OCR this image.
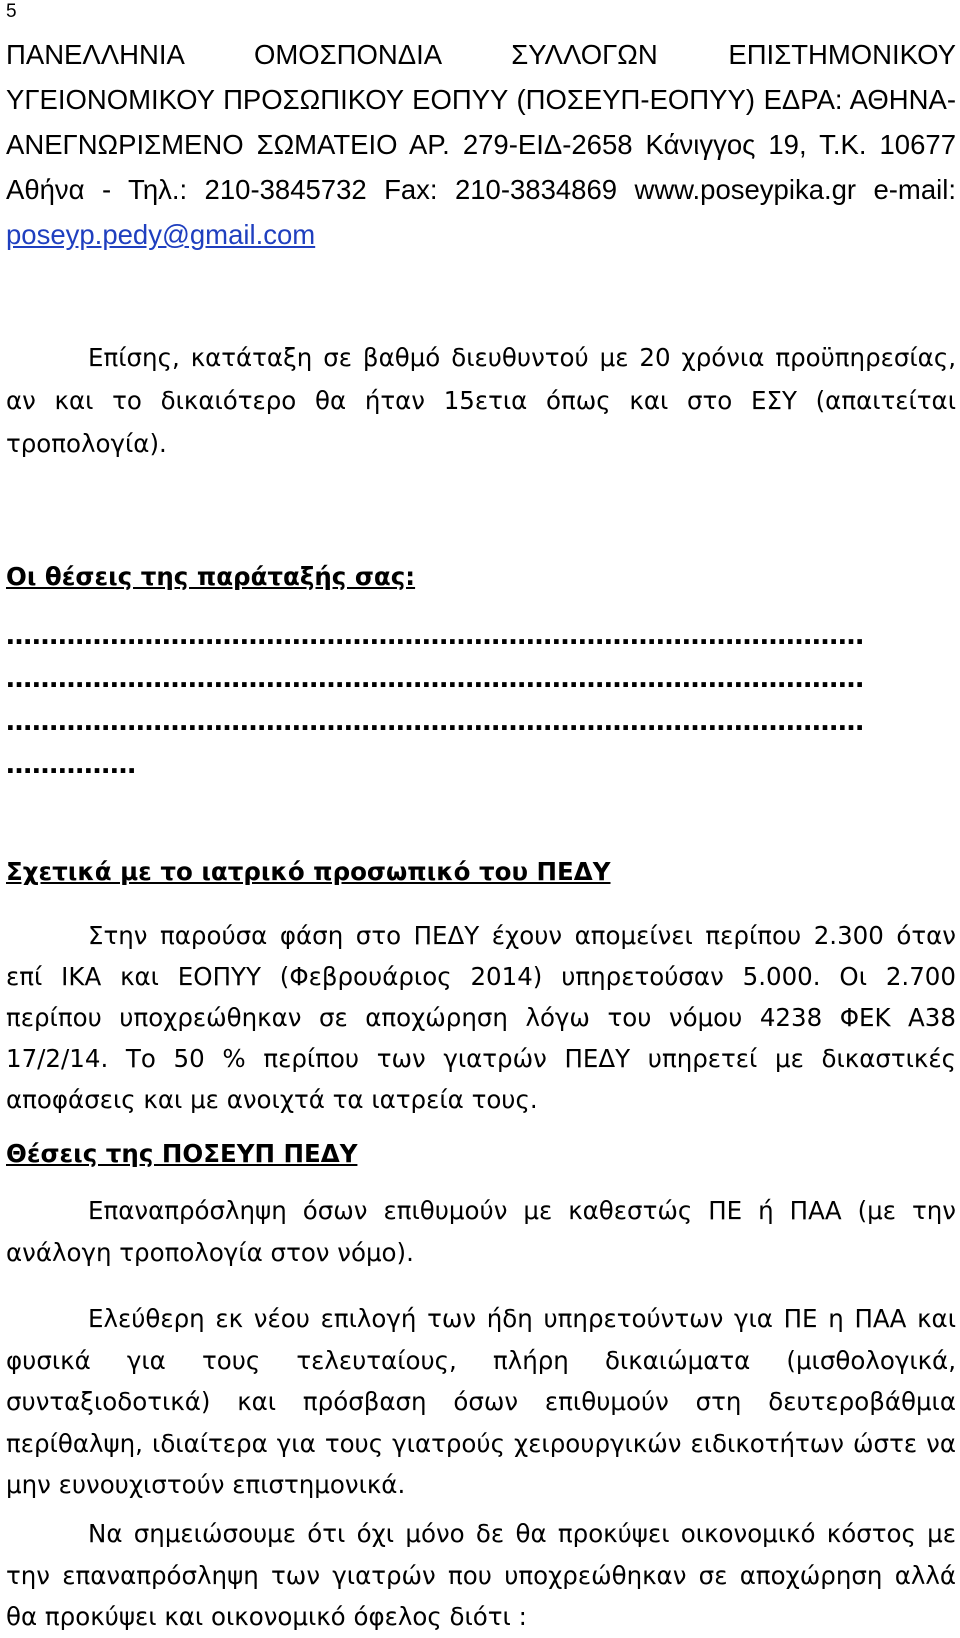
5
ΠΑΝΕΛΛΗΝΙΑ ΟΜΟΣΠΟΝΔΙΑ ΣΥΛΛΟΓΩΝ ΕΠΙΣΤΗΜΟΝΙΚΟΥ ΥΓΕΙΟΝΟΜΙΚΟΥ ΠΡΟΣΩΠΙΚΟΥ ΕΟΠΥΥ (ΠΟΣΕΥΠ-ΕΟΠΥΥ) ΕΔΡΑ: ΑΘΗΝΑ-ΑΝΕΓΝΩΡΙΣΜΕΝΟ ΣΩΜΑΤΕΙΟ ΑΡ. 279-ΕΙΔ-2658 Κάνιγγος 19, Τ.Κ. 10677 Αθήνα - Τηλ.: 210-3845732 Fax: 210-3834869 www.poseypika.gr e-mail: poseyp.pedy@gmail.com
Επίσης, κατάταξη σε βαθμό διευθυντού με 20 χρόνια προϋπηρεσίας, αν και το δικαιότερο θα ήταν 15ετια όπως και στο ΕΣΥ (απαιτείται τροπολογία).
Οι θέσεις της παράταξής σας:
………………………………………………………………………………………
………………………………………………………………………………………
………………………………………………………………………………………
……………
Σχετικά με το ιατρικό προσωπικό του ΠΕΔΥ
Στην παρούσα φάση στο ΠΕΔΥ έχουν απομείνει περίπου 2.300 όταν επί ΙΚΑ και ΕΟΠΥΥ (Φεβρουάριος 2014) υπηρετούσαν 5.000. Οι 2.700 περίπου υποχρεώθηκαν σε αποχώρηση λόγω του νόμου 4238 ΦΕΚ Α38 17/2/14. Το 50 % περίπου των γιατρών ΠΕΔΥ υπηρετεί με δικαστικές αποφάσεις και με ανοιχτά τα ιατρεία τους.
Θέσεις της ΠΟΣΕΥΠ ΠΕΔΥ
Επαναπρόσληψη όσων επιθυμούν με καθεστώς ΠΕ ή ΠΑΑ (με την ανάλογη τροπολογία στον νόμο).
Ελεύθερη εκ νέου επιλογή των ήδη υπηρετούντων για ΠΕ η ΠΑΑ και φυσικά για τους τελευταίους, πλήρη δικαιώματα (μισθολογικά, συνταξιοδοτικά) και πρόσβαση όσων επιθυμούν στη δευτεροβάθμια περίθαλψη, ιδιαίτερα για τους γιατρούς χειρουργικών ειδικοτήτων ώστε να μην ευνουχιστούν επιστημονικά.
Να σημειώσουμε ότι όχι μόνο δε θα προκύψει οικονομικό κόστος με την επαναπρόσληψη των γιατρών που υποχρεώθηκαν σε αποχώρηση αλλά θα προκύψει και οικονομικό όφελος διότι :
